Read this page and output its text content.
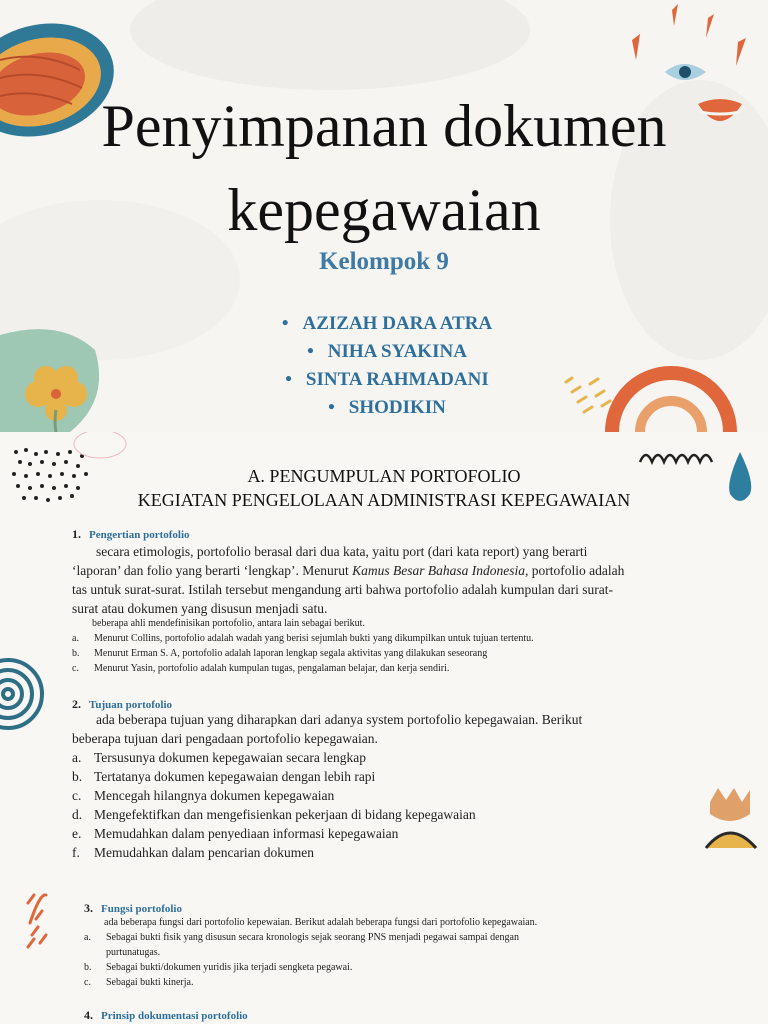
Penyimpanan dokumen
kepegawaian
Kelompok 9
• AZIZAH DARA ATRA
• NIHA SYAKINA
• SINTA RAHMADANI
• SHODIKIN
A. PENGUMPULAN PORTOFOLIO
KEGIATAN PENGELOLAAN ADMINISTRASI KEPEGAWAIAN
1. Pengertian portofolio
secara etimologis, portofolio berasal dari dua kata, yaitu port (dari kata report) yang berarti
‘laporan’ dan folio yang berarti ‘lengkap’. Menurut Kamus Besar Bahasa Indonesia, portofolio adalah
tas untuk surat-surat. Istilah tersebut mengandung arti bahwa portofolio adalah kumpulan dari surat-
surat atau dokumen yang disusun menjadi satu.
beberapa ahli mendefinisikan portofolio, antara lain sebagai berikut.
a.	Menurut Collins, portofolio adalah wadah yang berisi sejumlah bukti yang dikumpilkan untuk tujuan tertentu.
b.	Menurut Erman S. A, portofolio adalah laporan lengkap segala aktivitas yang dilakukan seseorang
c.	Menurut Yasin, portofolio adalah kumpulan tugas, pengalaman belajar, dan kerja sendiri.
2. Tujuan portofolio
ada beberapa tujuan yang diharapkan dari adanya system portofolio kepegawaian. Berikut
beberapa tujuan dari pengadaan portofolio kepegawaian.
a. Tersusunya dokumen kepegawaian secara lengkap
b. Tertatanya dokumen kepegawaian dengan lebih rapi
c. Mencegah hilangnya dokumen kepegawaian
d. Mengefektifkan dan mengefisienkan pekerjaan di bidang kepegawaian
e. Memudahkan dalam penyediaan informasi kepegawaian
f.	Memudahkan dalam pencarian dokumen
3. Fungsi portofolio
ada beberapa fungsi dari portofolio kepewaian. Berikut adalah beberapa fungsi dari portofolio kepegawaian.
a.	Sebagai bukti fisik yang disusun secara kronologis sejak seorang PNS menjadi pegawai sampai dengan
purtunatugas.
b.	Sebagai bukti/dokumen yuridis jika terjadi sengketa pegawai.
c.	Sebagai bukti kinerja.
4. Prinsip dokumentasi portofolio
